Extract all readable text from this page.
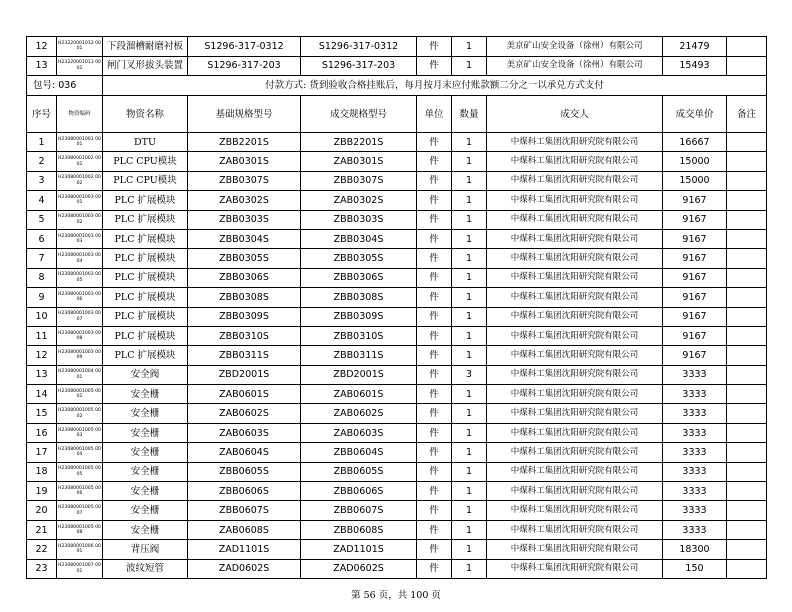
12	H23220001012 0001	下段溜槽耐磨衬板	S1296-317-0312	S1296-317-0312	件	1	美京矿山安全设备（徐州）有限公司	21479	
13	H23220001013 0001	闸门叉形拔头装置	S1296-317-203	S1296-317-203	件	1	美京矿山安全设备（徐州）有限公司	15493	
包号: 036		付款方式: 货到验收合格挂账后，每月按月末应付账款额二分之一以承兑方式支付							
序号	物资编码	物资名称	基础规格型号	成交规格型号	单位	数量	成交人	成交单价	备注
1	H23080001001 0001	DTU	ZBB2201S	ZBB2201S	件	1	中煤科工集团沈阳研究院有限公司	16667	
2	H23080001002 0001	PLC CPU模块	ZAB0301S	ZAB0301S	件	1	中煤科工集团沈阳研究院有限公司	15000	
3	H23080001002 0002	PLC CPU模块	ZBB0307S	ZBB0307S	件	1	中煤科工集团沈阳研究院有限公司	15000	
4	H23080001003 0001	PLC 扩展模块	ZAB0302S	ZAB0302S	件	1	中煤科工集团沈阳研究院有限公司	9167	
5	H23080001003 0002	PLC 扩展模块	ZBB0303S	ZBB0303S	件	1	中煤科工集团沈阳研究院有限公司	9167	
6	H23080001003 0003	PLC 扩展模块	ZBB0304S	ZBB0304S	件	1	中煤科工集团沈阳研究院有限公司	9167	
7	H23080001003 0004	PLC 扩展模块	ZBB0305S	ZBB0305S	件	1	中煤科工集团沈阳研究院有限公司	9167	
8	H23080001003 0005	PLC 扩展模块	ZBB0306S	ZBB0306S	件	1	中煤科工集团沈阳研究院有限公司	9167	
9	H23080001003 0006	PLC 扩展模块	ZBB0308S	ZBB0308S	件	1	中煤科工集团沈阳研究院有限公司	9167	
10	H23080001003 0007	PLC 扩展模块	ZBB0309S	ZBB0309S	件	1	中煤科工集团沈阳研究院有限公司	9167	
11	H23080001003 0008	PLC 扩展模块	ZBB0310S	ZBB0310S	件	1	中煤科工集团沈阳研究院有限公司	9167	
12	H23080001003 0009	PLC 扩展模块	ZBB0311S	ZBB0311S	件	1	中煤科工集团沈阳研究院有限公司	9167	
13	H23080001004 0001	安全阀	ZBD2001S	ZBD2001S	件	3	中煤科工集团沈阳研究院有限公司	3333	
14	H23080001005 0001	安全栅	ZAB0601S	ZAB0601S	件	1	中煤科工集团沈阳研究院有限公司	3333	
15	H23080001005 0002	安全栅	ZAB0602S	ZAB0602S	件	1	中煤科工集团沈阳研究院有限公司	3333	
16	H23080001005 0003	安全栅	ZAB0603S	ZAB0603S	件	1	中煤科工集团沈阳研究院有限公司	3333	
17	H23080001005 0004	安全栅	ZAB0604S	ZBB0604S	件	1	中煤科工集团沈阳研究院有限公司	3333	
18	H23080001005 0005	安全栅	ZBB0605S	ZBB0605S	件	1	中煤科工集团沈阳研究院有限公司	3333	
19	H23080001005 0006	安全栅	ZBB0606S	ZBB0606S	件	1	中煤科工集团沈阳研究院有限公司	3333	
20	H23080001005 0007	安全栅	ZBB0607S	ZBB0607S	件	1	中煤科工集团沈阳研究院有限公司	3333	
21	H23080001005 0008	安全栅	ZAB0608S	ZBB0608S	件	1	中煤科工集团沈阳研究院有限公司	3333	
22	H23080001006 0001	背压阀	ZAD1101S	ZAD1101S	件	1	中煤科工集团沈阳研究院有限公司	18300	
23	H23080001007 0001	波纹短管	ZAD0602S	ZAD0602S	件	1	中煤科工集团沈阳研究院有限公司	150	
第 56 页，共 100 页
